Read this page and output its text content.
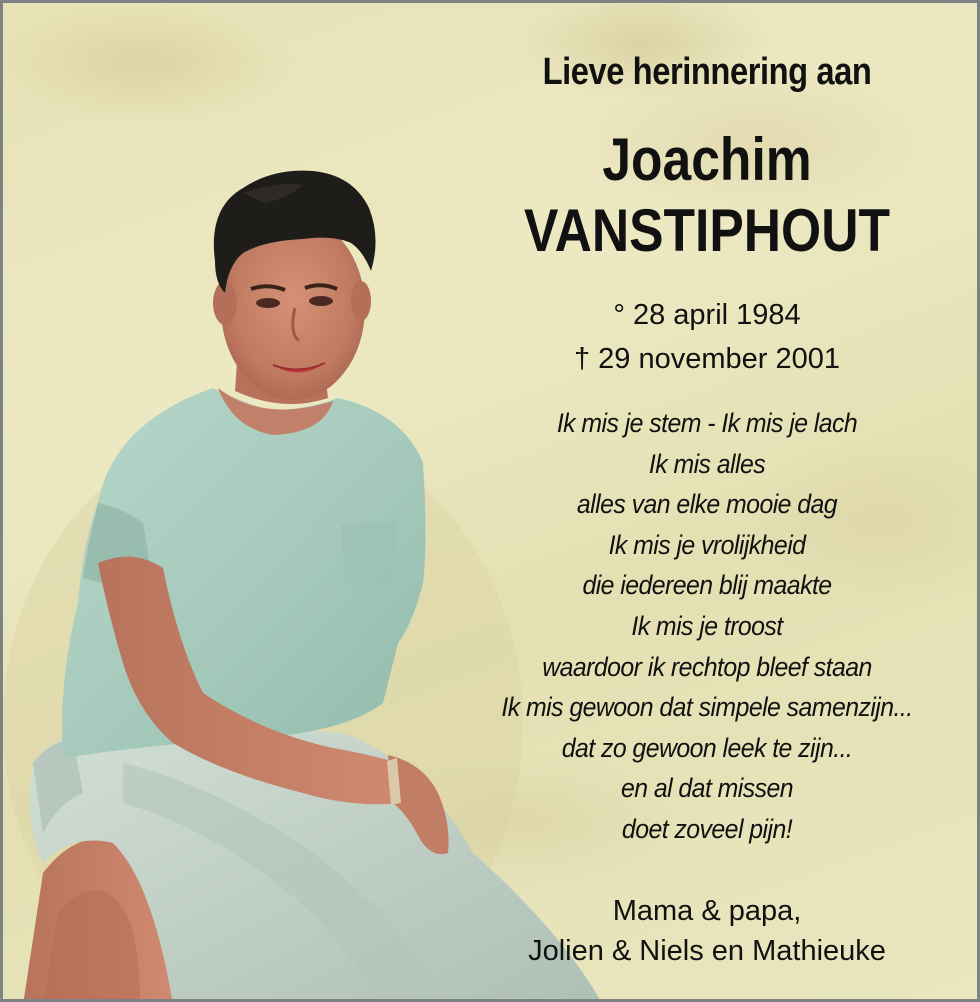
Lieve herinnering aan
Joachim
VANSTIPHOUT
° 28 april 1984
† 29 november 2001
Ik mis je stem - Ik mis je lach
Ik mis alles
alles van elke mooie dag
Ik mis je vrolijkheid
die iedereen blij maakte
Ik mis je troost
waardoor ik rechtop bleef staan
Ik mis gewoon dat simpele samenzijn...
dat zo gewoon leek te zijn...
en al dat missen
doet zoveel pijn!
Mama & papa,
Jolien & Niels en Mathieuke
